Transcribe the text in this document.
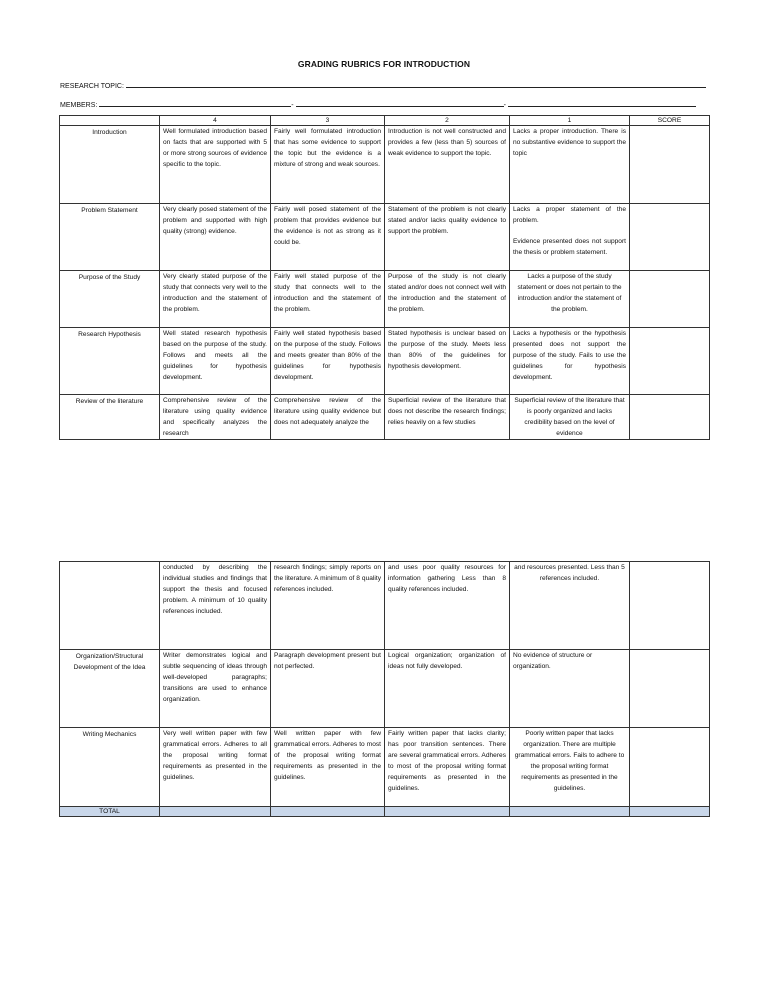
GRADING RUBRICS FOR INTRODUCTION
RESEARCH TOPIC:
MEMBERS:	-	-
	4	3	2	1	SCORE
Introduction	Well formulated introduction based on facts that are supported with 5 or more strong sources of evidence specific to the topic.	Fairly well formulated introduction that has some evidence to support the topic but the evidence is a mixture of strong and weak sources.	Introduction is not well constructed and provides a few (less than 5) sources of weak evidence to support the topic.	Lacks a proper introduction. There is no substantive evidence to support the topic	
Problem Statement	Very clearly posed statement of the problem and supported with high quality (strong) evidence.	Fairly well posed statement of the problem that provides evidence but the evidence is not as strong as it could be.	Statement of the problem is not clearly stated and/or lacks quality evidence to support the problem.	Lacks a proper statement of the problem.
Evidence presented does not support the thesis or problem statement.	

Purpose of the Study	Very clearly stated purpose of the study that connects very well to the introduction and the statement of the problem.	Fairly well stated purpose of the study that connects well to the introduction and the statement of the problem.	Purpose of the study is not clearly stated and/or does not connect well with the introduction and the statement of the problem.	Lacks a purpose of the study statement or does not pertain to the introduction and/or the statement of the problem.	
Research Hypothesis	Well stated research hypothesis based on the purpose of the study. Follows and meets all the guidelines for hypothesis development.	Fairly well stated hypothesis based on the purpose of the study. Follows and meets greater than 80% of the guidelines for hypothesis development.	Stated hypothesis is unclear based on the purpose of the study. Meets less than 80% of the guidelines for hypothesis development.	Lacks a hypothesis or the hypothesis presented does not support the purpose of the study. Fails to use the guidelines for hypothesis development.	
Review of the literature	Comprehensive review of the literature using quality evidence and specifically analyzes the research	Comprehensive review of the literature using quality evidence but does not adequately analyze the	Superficial review of the literature that does not describe the research findings; relies heavily on a few studies	Superficial review of the literature that is poorly organized and lacks credibility based on the level of evidence	
	conducted by describing the individual studies and findings that support the thesis and focused problem. A minimum of 10 quality references included.	research findings; simply reports on the literature. A minimum of 8 quality references included.	and uses poor quality resources for information gathering Less than 8 quality references included.	and resources presented. Less than 5 references included.	
Organization/Structural Development of the Idea	Writer demonstrates logical and subtle sequencing of ideas through well-developed paragraphs; transitions are used to enhance organization.	Paragraph development present but not perfected.	Logical organization; organization of ideas not fully developed.	No evidence of structure or organization.	
Writing Mechanics	Very well written paper with few grammatical errors. Adheres to all the proposal writing format requirements as presented in the guidelines.	Well written paper with few grammatical errors. Adheres to most of the proposal writing format requirements as presented in the guidelines.	Fairly written paper that lacks clarity; has poor transition sentences. There are several grammatical errors. Adheres to most of the proposal writing format requirements as presented in the guidelines.	Poorly written paper that lacks organization. There are multiple grammatical errors. Fails to adhere to the proposal writing format requirements as presented in the guidelines.	
TOTAL					
